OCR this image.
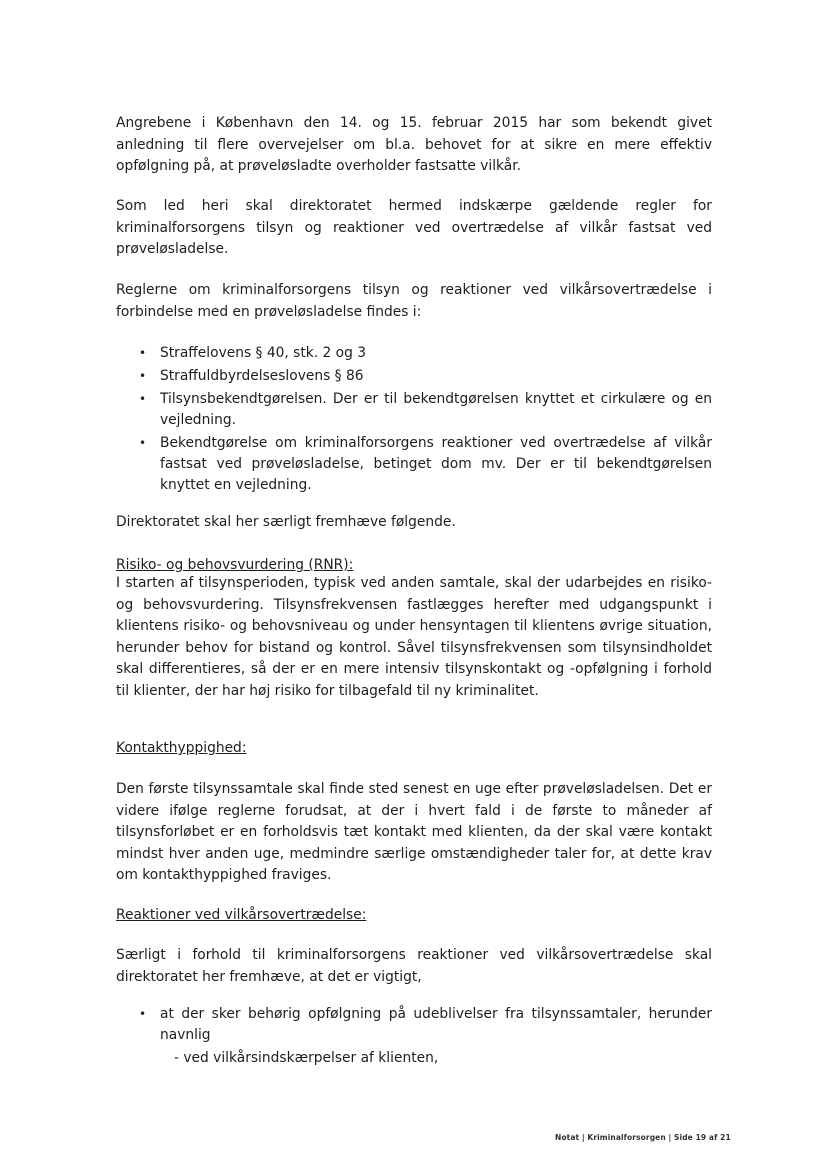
Angrebene i København den 14. og 15. februar 2015 har som bekendt givet anledning til flere overvejelser om bl.a. behovet for at sikre en mere effektiv opfølgning på, at prøveløsladte overholder fastsatte vilkår.

Som led heri skal direktoratet hermed indskærpe gældende regler for kriminalforsorgens tilsyn og reaktioner ved overtrædelse af vilkår fastsat ved prøveløsladelse.

Reglerne om kriminalforsorgens tilsyn og reaktioner ved vilkårsovertrædelse i forbindelse med en prøveløsladelse findes i:

• Straffelovens § 40, stk. 2 og 3
• Straffuldbyrdelseslovens § 86
• Tilsynsbekendtgørelsen. Der er til bekendtgørelsen knyttet et cirkulære og en vejledning.
• Bekendtgørelse om kriminalforsorgens reaktioner ved overtrædelse af vilkår fastsat ved prøveløsladelse, betinget dom mv. Der er til bekendtgørelsen knyttet en vejledning.

Direktoratet skal her særligt fremhæve følgende.

Risiko- og behovsvurdering (RNR):

I starten af tilsynsperioden, typisk ved anden samtale, skal der udarbejdes en risiko- og behovsvurdering. Tilsynsfrekvensen fastlægges herefter med udgangspunkt i klientens risiko- og behovsniveau og under hensyntagen til klientens øvrige situation, herunder behov for bistand og kontrol. Såvel tilsynsfrekvensen som tilsynsindholdet skal differentieres, så der er en mere intensiv tilsynskontakt og -opfølgning i forhold til klienter, der har høj risiko for tilbagefald til ny kriminalitet.

Kontakthyppighed:

Den første tilsynssamtale skal finde sted senest en uge efter prøveløsladelsen. Det er videre ifølge reglerne forudsat, at der i hvert fald i de første to måneder af tilsynsforløbet er en forholdsvis tæt kontakt med klienten, da der skal være kontakt mindst hver anden uge, medmindre særlige omstændigheder taler for, at dette krav om kontakthyppighed fraviges.

Reaktioner ved vilkårsovertrædelse:

Særligt i forhold til kriminalforsorgens reaktioner ved vilkårsovertrædelse skal direktoratet her fremhæve, at det er vigtigt,

• at der sker behørig opfølgning på udeblivelser fra tilsynssamtaler, herunder navnlig

- ved vilkårsindskærpelser af klienten,

Notat | Kriminalforsorgen | Side 19 af 21
